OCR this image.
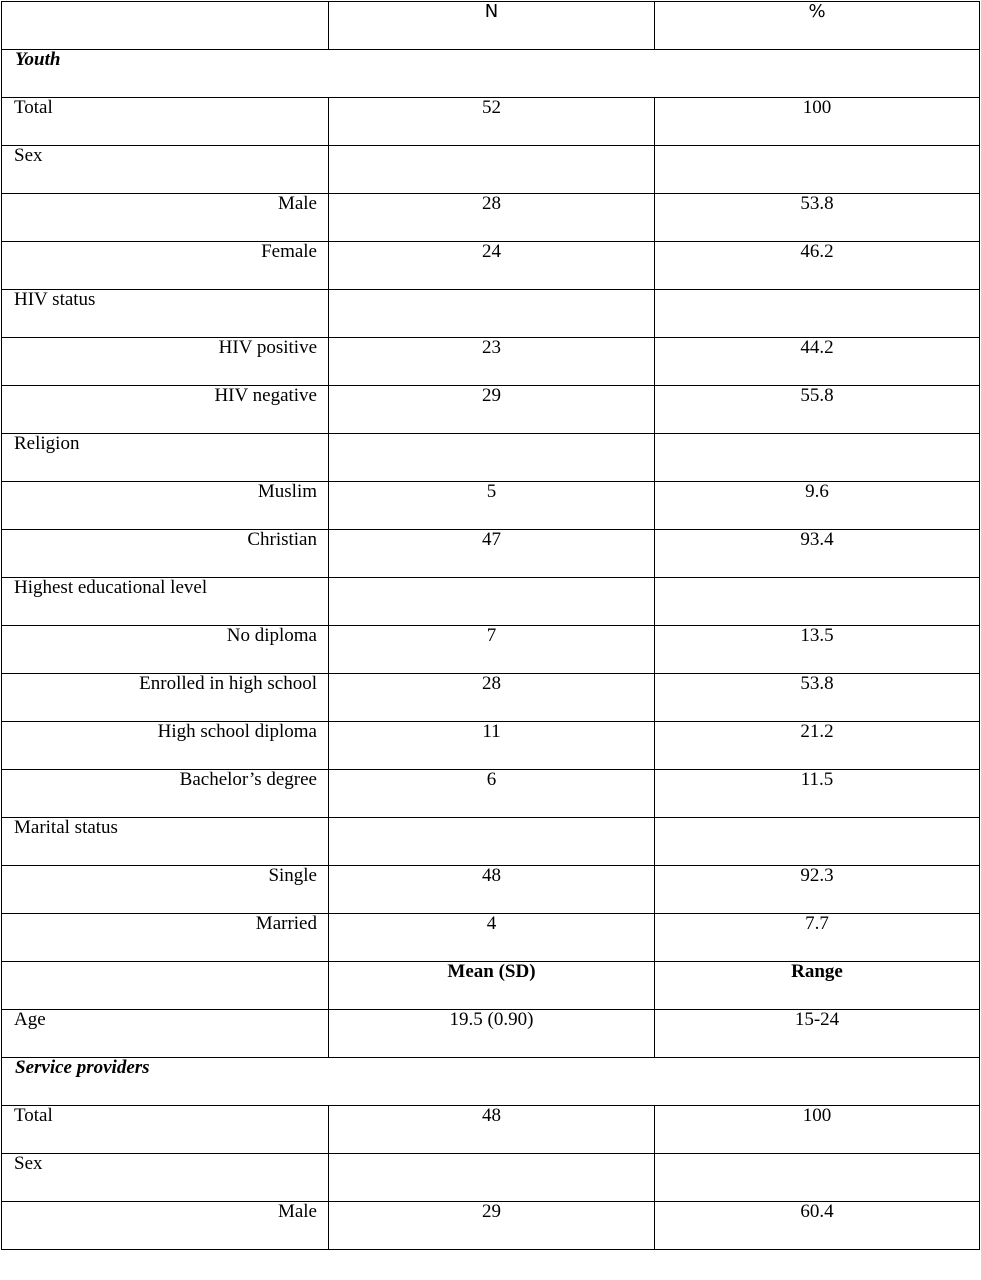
	N	%

Youth		

Total	52	100

Sex		

Male	28	53.8

Female	24	46.2

HIV status		

HIV positive	23	44.2

HIV negative	29	55.8

Religion		

Muslim	5	9.6

Christian	47	93.4

Highest educational level		

No diploma	7	13.5

Enrolled in high school	28	53.8

High school diploma	11	21.2

Bachelor’s degree	6	11.5

Marital status		

Single	48	92.3

Married	4	7.7

	Mean (SD)	Range

Age	19.5 (0.90)	15-24

Service providers		

Total	48	100

Sex		

Male	29	60.4
